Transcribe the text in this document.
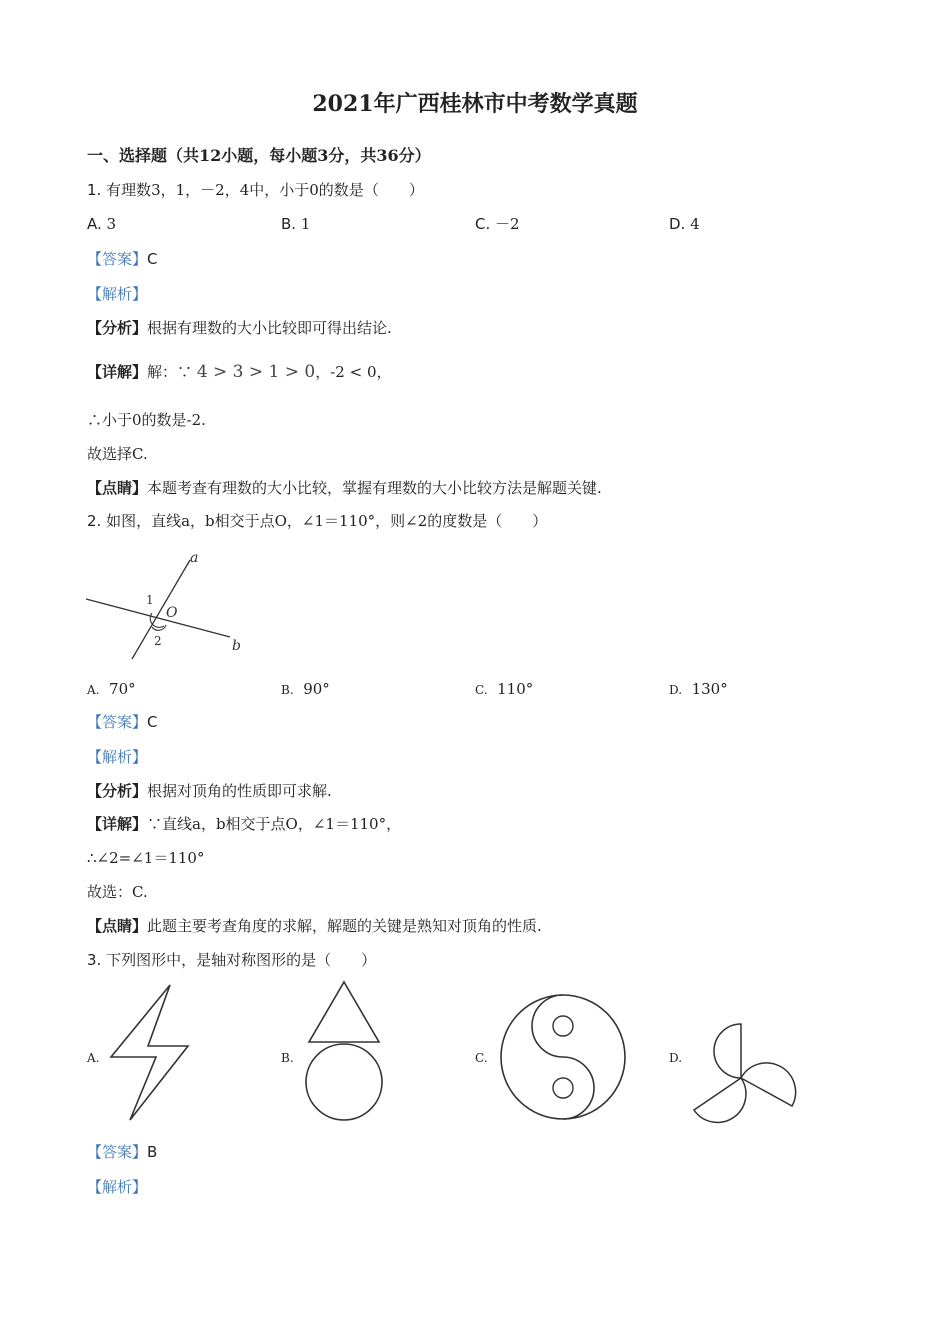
2021年广西桂林市中考数学真题
一、选择题（共12小题，每小题3分，共36分）
1. 有理数3，1，－2，4中，小于0的数是（　　）
A. 3	B. 1	C. －2	D. 4
【答案】C
【解析】
【分析】根据有理数的大小比较即可得出结论.
【详解】解：∵ 4 > 3 > 1 > 0，-2 < 0，
∴小于0的数是-2.
故选择C.
【点睛】本题考查有理数的大小比较，掌握有理数的大小比较方法是解题关键.
2. 如图，直线a，b相交于点O，∠1＝110°，则∠2的度数是（　　）
a
b
O
1
2
A. 70°	B. 90°	C. 110°	D. 130°
【答案】C
【解析】
【分析】根据对顶角的性质即可求解.
【详解】∵直线a，b相交于点O，∠1＝110°，
∴∠2=∠1＝110°
故选：C.
【点睛】此题主要考查角度的求解，解题的关键是熟知对顶角的性质.
3. 下列图形中，是轴对称图形的是（　　）
A.	B.	C.	D.
【答案】B
【解析】
